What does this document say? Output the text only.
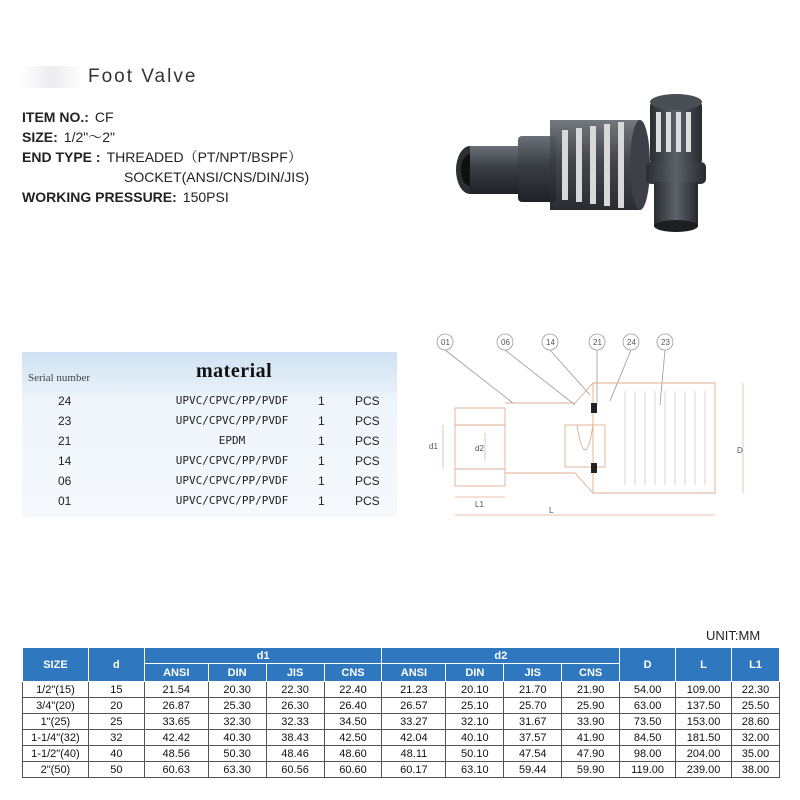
Foot Valve
ITEM NO.: CF
SIZE: 1/2"～2"
END TYPE : THREADED（PT/NPT/BSPF）
SOCKET(ANSI/CNS/DIN/JIS)
WORKING PRESSURE: 150PSI
Serial number	material
24	UPVC/CPVC/PP/PVDF	1	PCS
23	UPVC/CPVC/PP/PVDF	1	PCS
21	EPDM	1	PCS
14	UPVC/CPVC/PP/PVDF	1	PCS
06	UPVC/CPVC/PP/PVDF	1	PCS
01	UPVC/CPVC/PP/PVDF	1	PCS
01	06	14	21	24	23
d1	d2
L1
L
D
UNIT:MM
SIZE	d	d1				d2				D	L	L1
		ANSI	DIN	JIS	CNS	ANSI	DIN	JIS	CNS			
1/2"(15)	15	21.54	20.30	22.30	22.40	21.23	20.10	21.70	21.90	54.00	109.00	22.30
3/4"(20)	20	26.87	25.30	26.30	26.40	26.57	25.10	25.70	25.90	63.00	137.50	25.50
1"(25)	25	33.65	32.30	32.33	34.50	33.27	32.10	31.67	33.90	73.50	153.00	28.60
1-1/4"(32)	32	42.42	40.30	38.43	42.50	42.04	40.10	37.57	41.90	84.50	181.50	32.00
1-1/2"(40)	40	48.56	50.30	48.46	48.60	48.11	50.10	47.54	47.90	98.00	204.00	35.00
2"(50)	50	60.63	63.30	60.56	60.60	60.17	63.10	59.44	59.90	119.00	239.00	38.00
